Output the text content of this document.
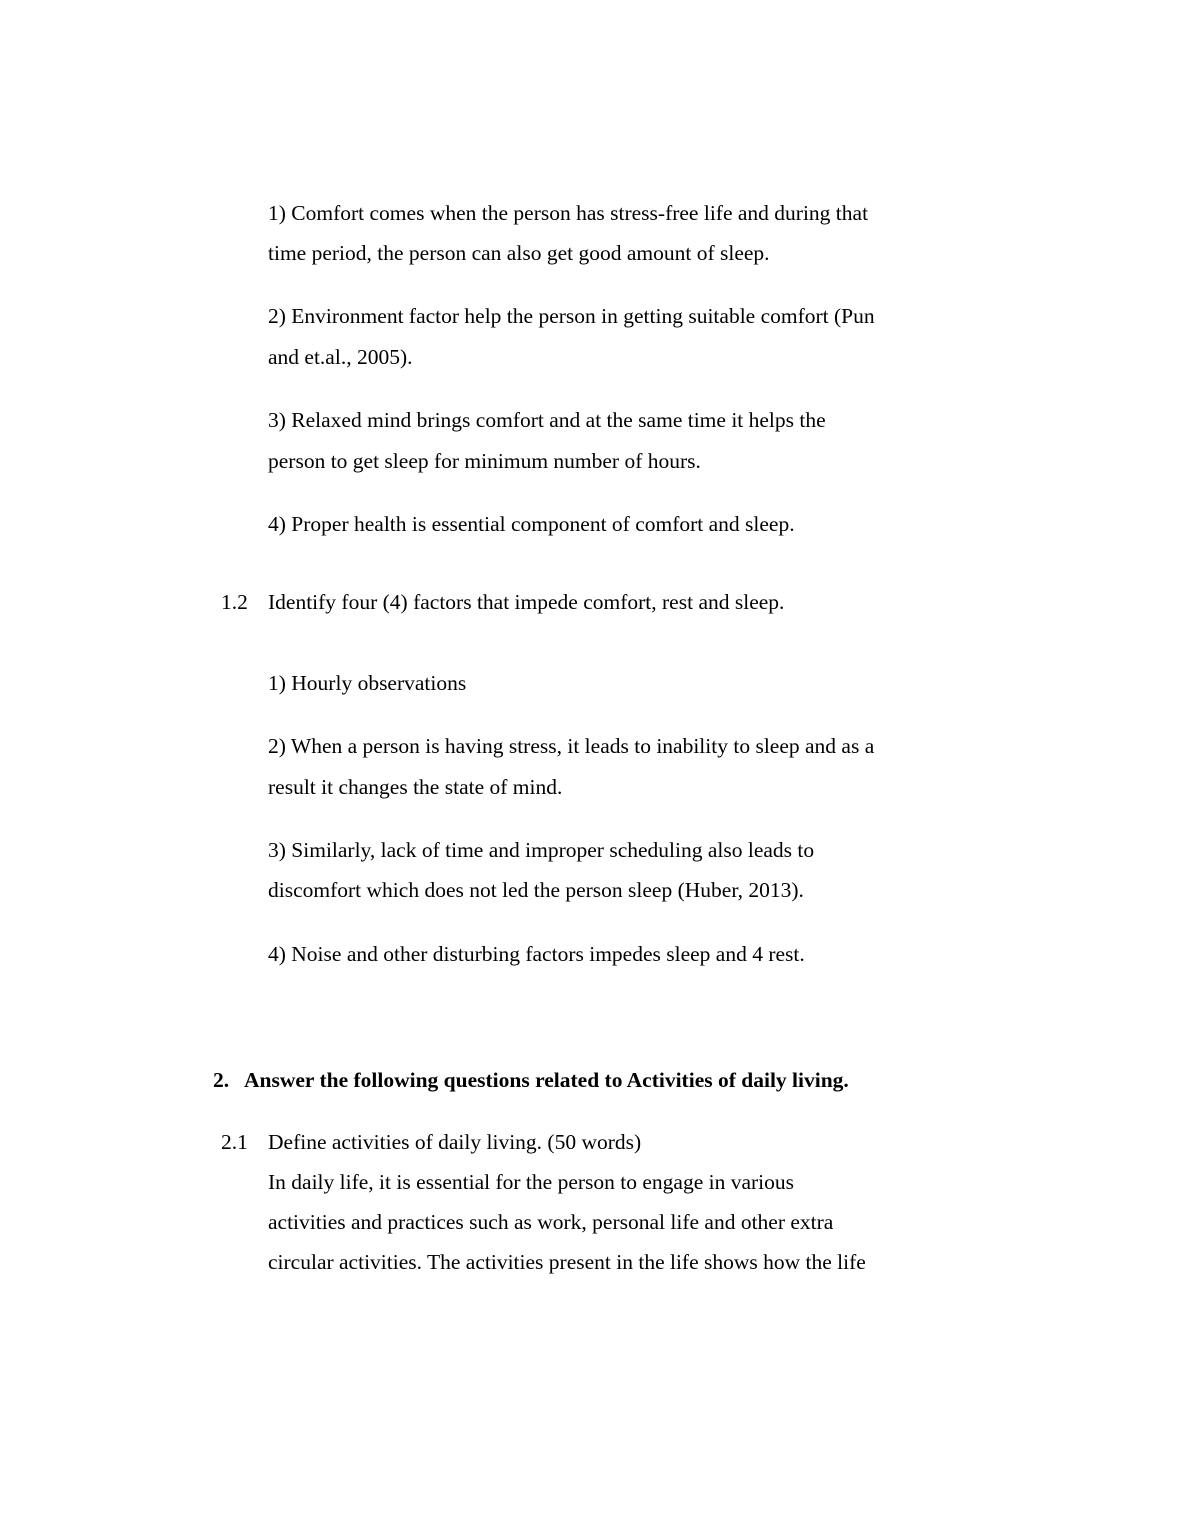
1) Comfort comes when the person has stress-free life and during that
time period, the person can also get good amount of sleep.
2) Environment factor help the person in getting suitable comfort (Pun
and et.al., 2005).
3) Relaxed mind brings comfort and at the same time it helps the
person to get sleep for minimum number of hours.
4) Proper health is essential component of comfort and sleep.
1.2 Identify four (4) factors that impede comfort, rest and sleep.
1) Hourly observations
2) When a person is having stress, it leads to inability to sleep and as a
result it changes the state of mind.
3) Similarly, lack of time and improper scheduling also leads to
discomfort which does not led the person sleep (Huber, 2013).
4) Noise and other disturbing factors impedes sleep and 4 rest.
2. Answer the following questions related to Activities of daily living.
2.1 Define activities of daily living. (50 words)
In daily life, it is essential for the person to engage in various
activities and practices such as work, personal life and other extra
circular activities. The activities present in the life shows how the life
